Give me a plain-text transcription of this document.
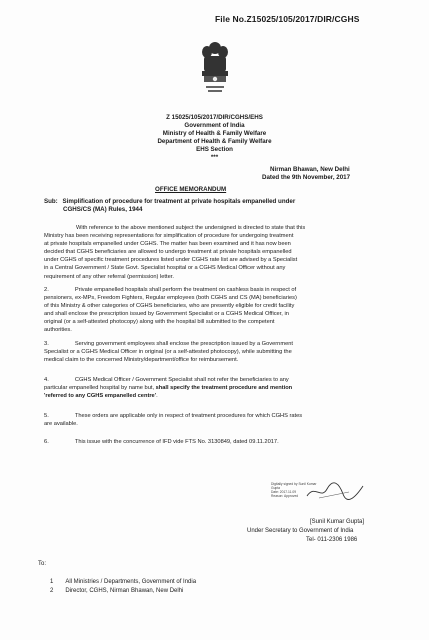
File No.Z15025/105/2017/DIR/CGHS
Z 15025/105/2017/DIR/CGHS/EHS
Government of India
Ministry of Health & Family Welfare
Department of Health & Family Welfare
EHS Section
***
Nirman Bhawan, New Delhi
Dated the 9th November, 2017
OFFICE MEMORANDUM
Sub: Simplification of procedure for treatment at private hospitals empanelled under
CGHS/CS (MA) Rules, 1944
With reference to the above mentioned subject the undersigned is directed to state that this
Ministry has been receiving representations for simplification of procedure for undergoing treatment
at private hospitals empanelled under CGHS. The matter has been examined and it has now been
decided that CGHS beneficiaries are allowed to undergo treatment at private hospitals empanelled
under CGHS of specific treatment procedures listed under CGHS rate list are advised by a Specialist
in a Central Government / State Govt. Specialist hospital or a CGHS Medical Officer without any
requirement of any other referral (permission) letter.
2.	Private empanelled hospitals shall perform the treatment on cashless basis in respect of
pensioners, ex-MPs, Freedom Fighters, Regular employees (both CGHS and CS (MA) beneficiaries)
of this Ministry & other categories of CGHS beneficiaries, who are presently eligible for credit facility
and shall enclose the prescription issued by Government Specialist or a CGHS Medical Officer, in
original (or a self-attested photocopy) along with the hospital bill submitted to the competent
authorities.
3.	Serving government employees shall enclose the prescription issued by a Government
Specialist or a CGHS Medical Officer in original (or a self-attested photocopy), while submitting the
medical claim to the concerned Ministry/department/office for reimbursement.
4.	CGHS Medical Officer / Government Specialist shall not refer the beneficiaries to any
particular empanelled hospital by name but, shall specify the treatment procedure and mention
'referred to any CGHS empanelled centre'.
5.	These orders are applicable only in respect of treatment procedures for which CGHS rates
are available.
6.	This issue with the concurrence of IFD vide FTS No. 3130849, dated 09.11.2017.
Digitally signed by Sunil Kumar
Gupta
Date: 2017.11.09
Reason: Approved
[Sunil Kumar Gupta]
Under Secretary to Government of India
Tel- 011-2306 1986
To:
1 All Ministries / Departments, Government of India
2 Director, CGHS, Nirman Bhawan, New Delhi
